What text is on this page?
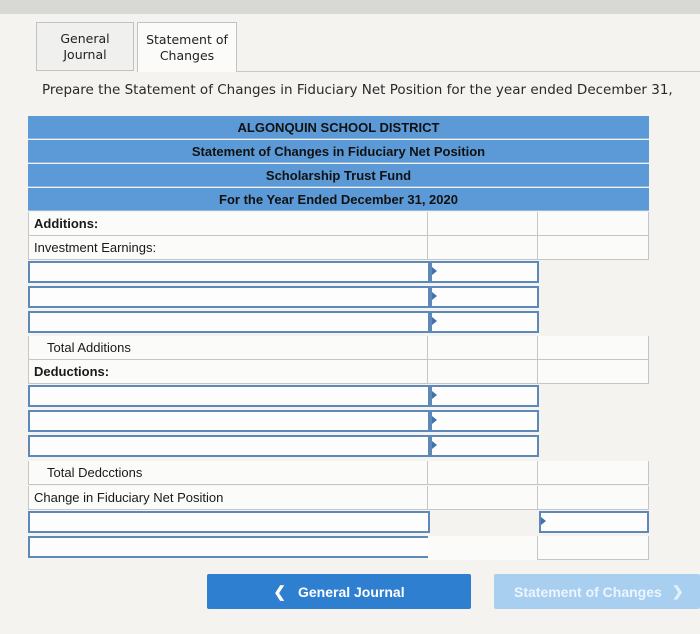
General
Journal
Statement of
Changes
Prepare the Statement of Changes in Fiduciary Net Position for the year ended December 31,
ALGONQUIN SCHOOL DISTRICT
Statement of Changes in Fiduciary Net Position
Scholarship Trust Fund
For the Year Ended December 31, 2020
Additions:
Investment Earnings:
Total Additions
Deductions:
Total Dedcctions
Change in Fiduciary Net Position
❮ General Journal	Statement of Changes ❯
